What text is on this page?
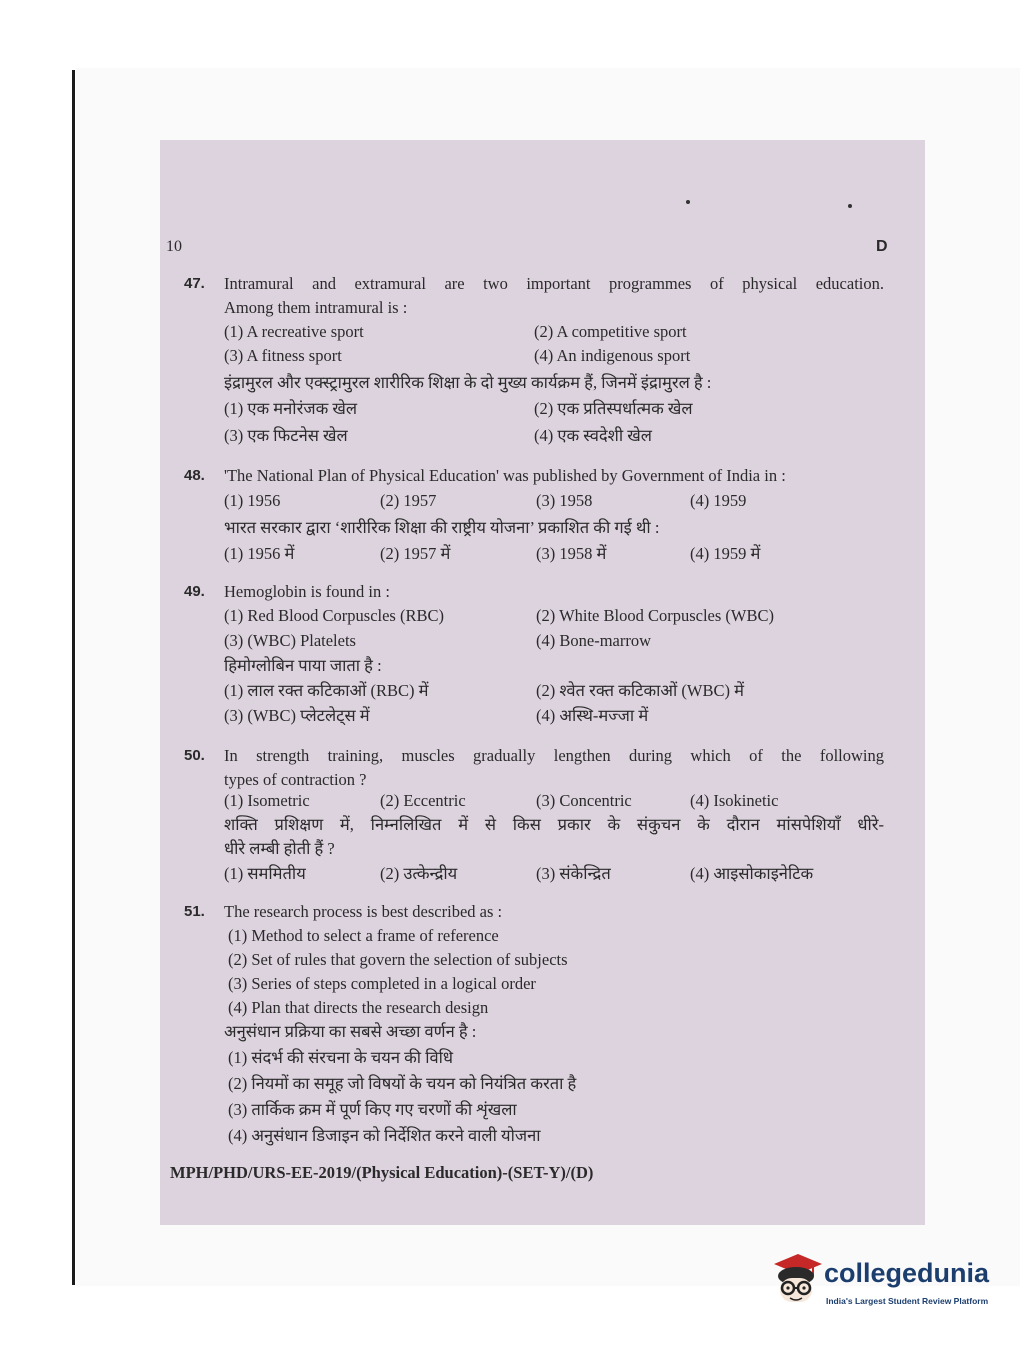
10	D
47. Intramural and extramural are two important programmes of physical education.
Among them intramural is :
(1) A recreative sport	(2) A competitive sport
(3) A fitness sport	(4) An indigenous sport
इंद्रामुरल और एक्स्ट्रामुरल शारीरिक शिक्षा के दो मुख्य कार्यक्रम हैं, जिनमें इंद्रामुरल है :
(1) एक मनोरंजक खेल	(2) एक प्रतिस्पर्धात्मक खेल
(3) एक फिटनेस खेल	(4) एक स्वदेशी खेल
48. 'The National Plan of Physical Education' was published by Government of India in :
(1) 1956	(2) 1957	(3) 1958	(4) 1959
भारत सरकार द्वारा ‘शारीरिक शिक्षा की राष्ट्रीय योजना’ प्रकाशित की गई थी :
(1) 1956 में	(2) 1957 में	(3) 1958 में	(4) 1959 में
49. Hemoglobin is found in :
(1) Red Blood Corpuscles (RBC)	(2) White Blood Corpuscles (WBC)
(3) (WBC) Platelets	(4) Bone-marrow
हिमोग्लोबिन पाया जाता है :
(1) लाल रक्त कटिकाओं (RBC) में	(2) श्वेत रक्त कटिकाओं (WBC) में
(3) (WBC) प्लेटलेट्स में	(4) अस्थि-मज्जा में
50. In strength training, muscles gradually lengthen during which of the following
types of contraction ?
(1) Isometric	(2) Eccentric	(3) Concentric	(4) Isokinetic
शक्ति प्रशिक्षण में, निम्नलिखित में से किस प्रकार के संकुचन के दौरान मांसपेशियाँ धीरे-
धीरे लम्बी होती हैं ?
(1) सममितीय	(2) उत्केन्द्रीय	(3) संकेन्द्रित	(4) आइसोकाइनेटिक
51. The research process is best described as :
(1) Method to select a frame of reference
(2) Set of rules that govern the selection of subjects
(3) Series of steps completed in a logical order
(4) Plan that directs the research design
अनुसंधान प्रक्रिया का सबसे अच्छा वर्णन है :
(1) संदर्भ की संरचना के चयन की विधि
(2) नियमों का समूह जो विषयों के चयन को नियंत्रित करता है
(3) तार्किक क्रम में पूर्ण किए गए चरणों की शृंखला
(4) अनुसंधान डिजाइन को निर्देशित करने वाली योजना
MPH/PHD/URS-EE-2019/(Physical Education)-(SET-Y)/(D)
collegedunia
India's Largest Student Review Platform
